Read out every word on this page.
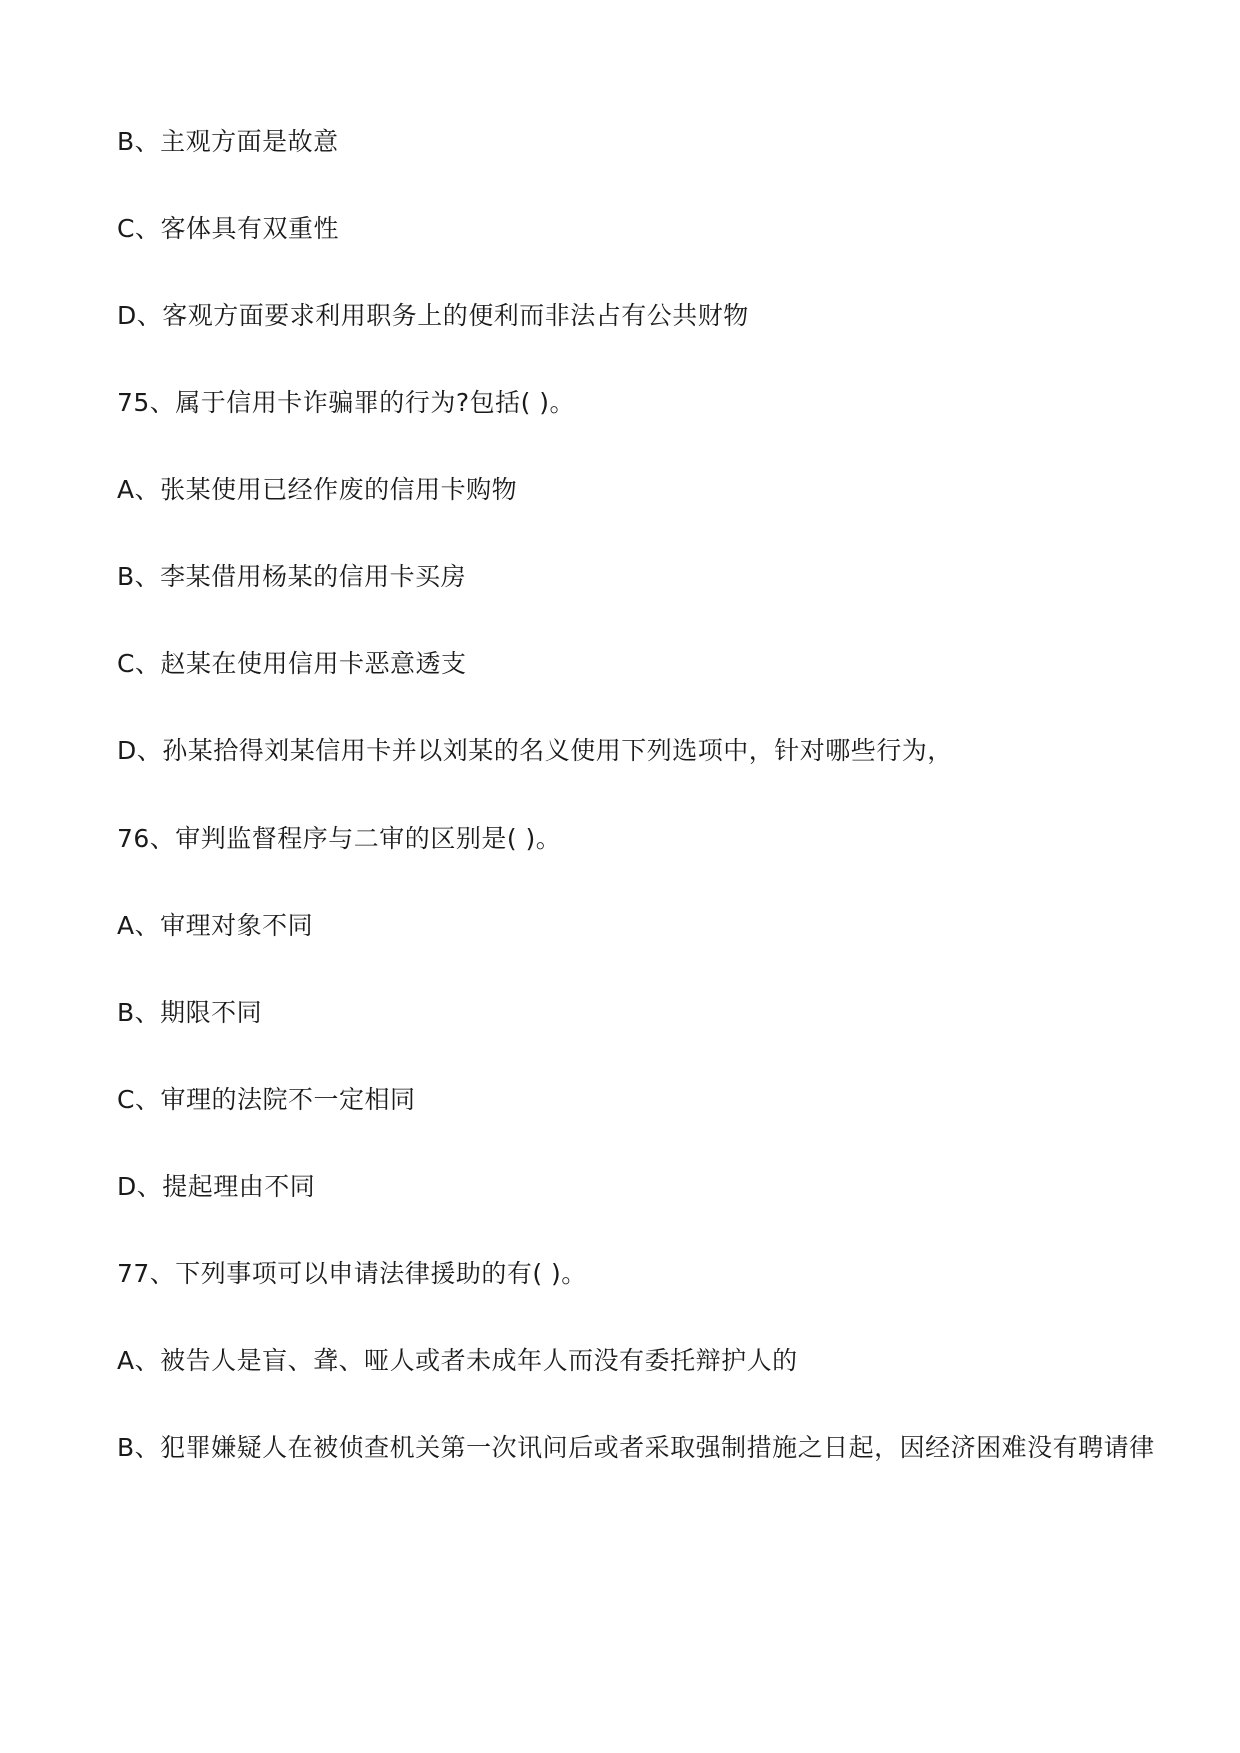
B、主观方面是故意
C、客体具有双重性
D、客观方面要求利用职务上的便利而非法占有公共财物
75、属于信用卡诈骗罪的行为?包括( )。
A、张某使用已经作废的信用卡购物
B、李某借用杨某的信用卡买房
C、赵某在使用信用卡恶意透支
D、孙某拾得刘某信用卡并以刘某的名义使用下列选项中，针对哪些行为，
76、审判监督程序与二审的区别是( )。
A、审理对象不同
B、期限不同
C、审理的法院不一定相同
D、提起理由不同
77、下列事项可以申请法律援助的有( )。
A、被告人是盲、聋、哑人或者未成年人而没有委托辩护人的
B、犯罪嫌疑人在被侦查机关第一次讯问后或者采取强制措施之日起，因经济困难没有聘请律
